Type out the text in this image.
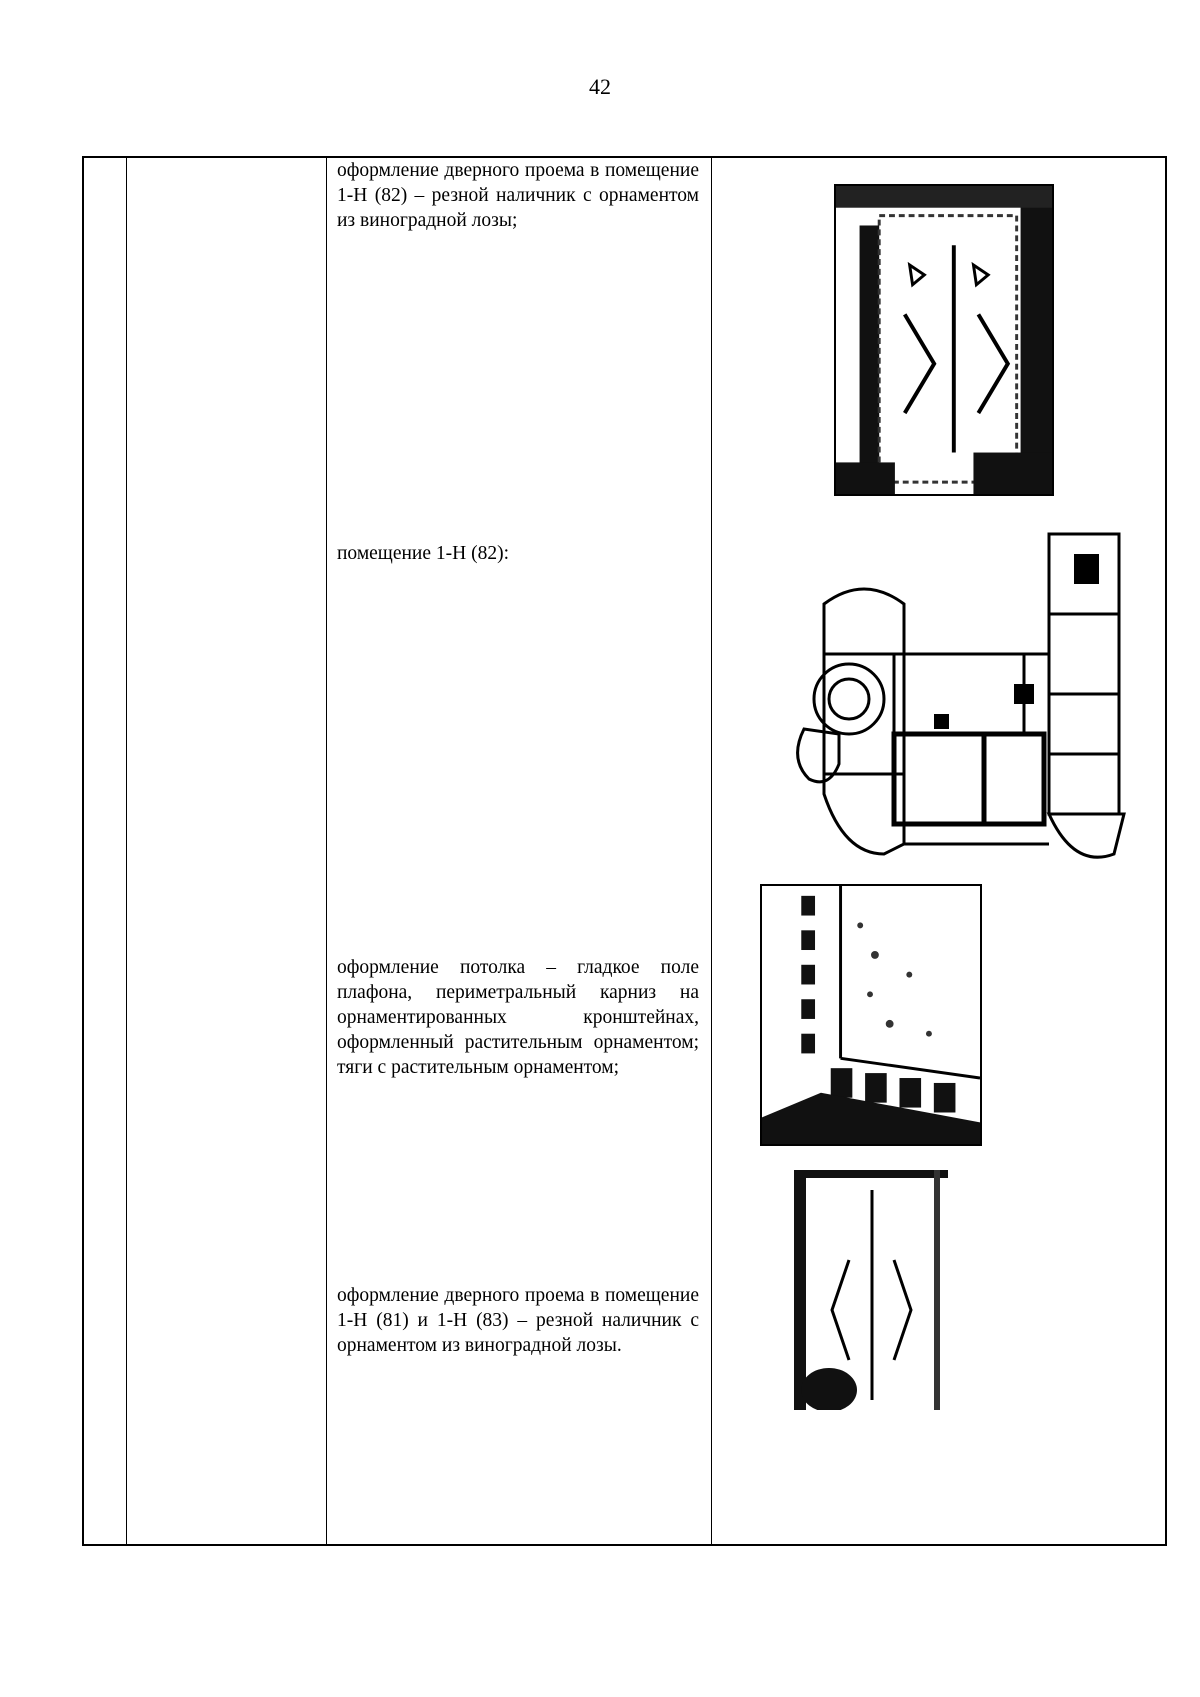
42
оформление дверного проема в помещение 1-Н (82) – резной наличник с орнаментом из виноградной лозы;
помещение 1-Н (82):
оформление потолка – гладкое поле плафона, периметральный карниз на орнаментированных кронштейнах, оформленный растительным орнаментом; тяги с растительным орнаментом;
оформление дверного проема в помещение 1-Н (81) и 1-Н (83) – резной наличник с орнаментом из виноградной лозы.
